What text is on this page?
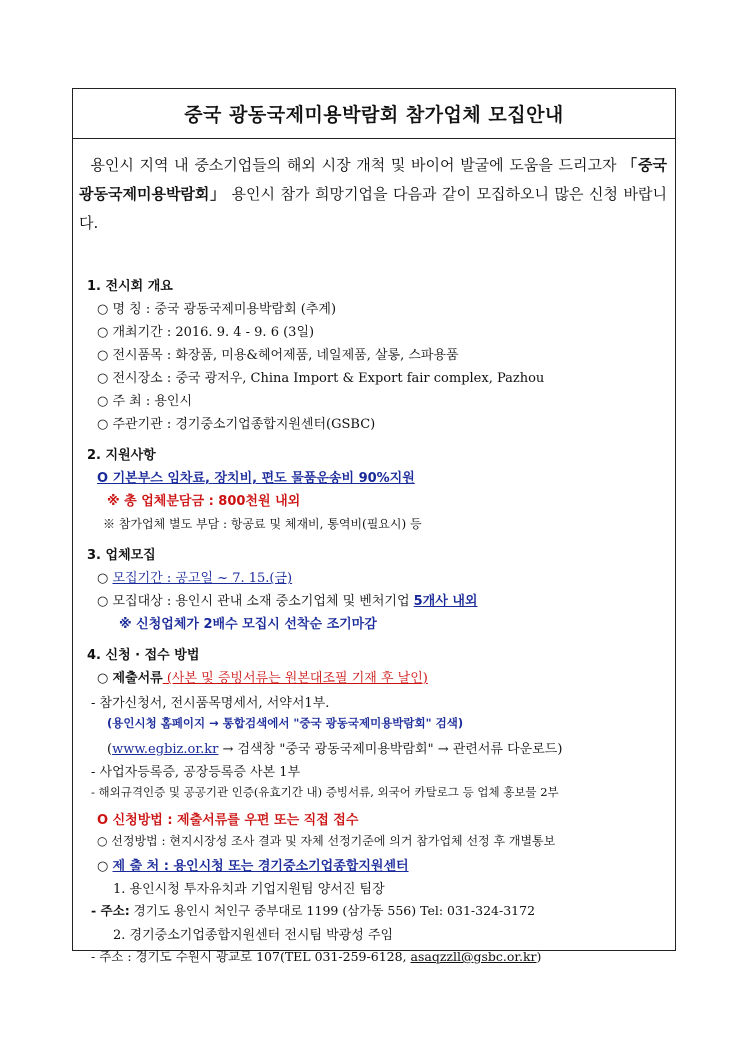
중국 광동국제미용박람회 참가업체 모집안내
용인시 지역 내 중소기업들의 해외 시장 개척 및 바이어 발굴에 도움을 드리고자 「중국 광동국제미용박람회」 용인시 참가 희망기업을 다음과 같이 모집하오니 많은 신청 바랍니다.
1. 전시회 개요
○ 명 칭 : 중국 광동국제미용박람회 (추계)
○ 개최기간 : 2016. 9. 4 - 9. 6 (3일)
○ 전시품목 : 화장품, 미용&헤어제품, 네일제품, 살롱, 스파용품
○ 전시장소 : 중국 광저우, China Import & Export fair complex, Pazhou
○ 주 최 : 용인시
○ 주관기관 : 경기중소기업종합지원센터(GSBC)
2. 지원사항
O 기본부스 임차료, 장치비, 편도 물품운송비 90%지원
※ 총 업체분담금 : 800천원 내외
※ 참가업체 별도 부담 : 항공료 및 체재비, 통역비(필요시) 등
3. 업체모집
○ 모집기간 : 공고일 ~ 7. 15.(금)
○ 모집대상 : 용인시 관내 소재 중소기업체 및 벤처기업 5개사 내외
※ 신청업체가 2배수 모집시 선착순 조기마감
4. 신청 · 접수 방법
○ 제출서류 (사본 및 증빙서류는 원본대조필 기재 후 날인)
- 참가신청서, 전시품목명세서, 서약서1부.
(용인시청 홈페이지 → 통합검색에서 "중국 광동국제미용박람회" 검색)
(www.egbiz.or.kr → 검색창 "중국 광동국제미용박람회" → 관련서류 다운로드)
- 사업자등록증, 공장등록증 사본 1부
- 해외규격인증 및 공공기관 인증(유효기간 내) 증빙서류, 외국어 카탈로그 등 업체 홍보물 2부
O 신청방법 : 제출서류를 우편 또는 직접 접수
○ 선정방법 : 현지시장성 조사 결과 및 자체 선정기준에 의거 참가업체 선정 후 개별통보
○ 제 출 처 : 용인시청 또는 경기중소기업종합지원센터
1. 용인시청 투자유치과 기업지원팀 양서진 팀장
- 주소: 경기도 용인시 처인구 중부대로 1199 (삼가동 556) Tel: 031-324-3172
2. 경기중소기업종합지원센터 전시팀 박광성 주임
- 주소 : 경기도 수원시 광교로 107(TEL 031-259-6128, asaqzzll@gsbc.or.kr)
